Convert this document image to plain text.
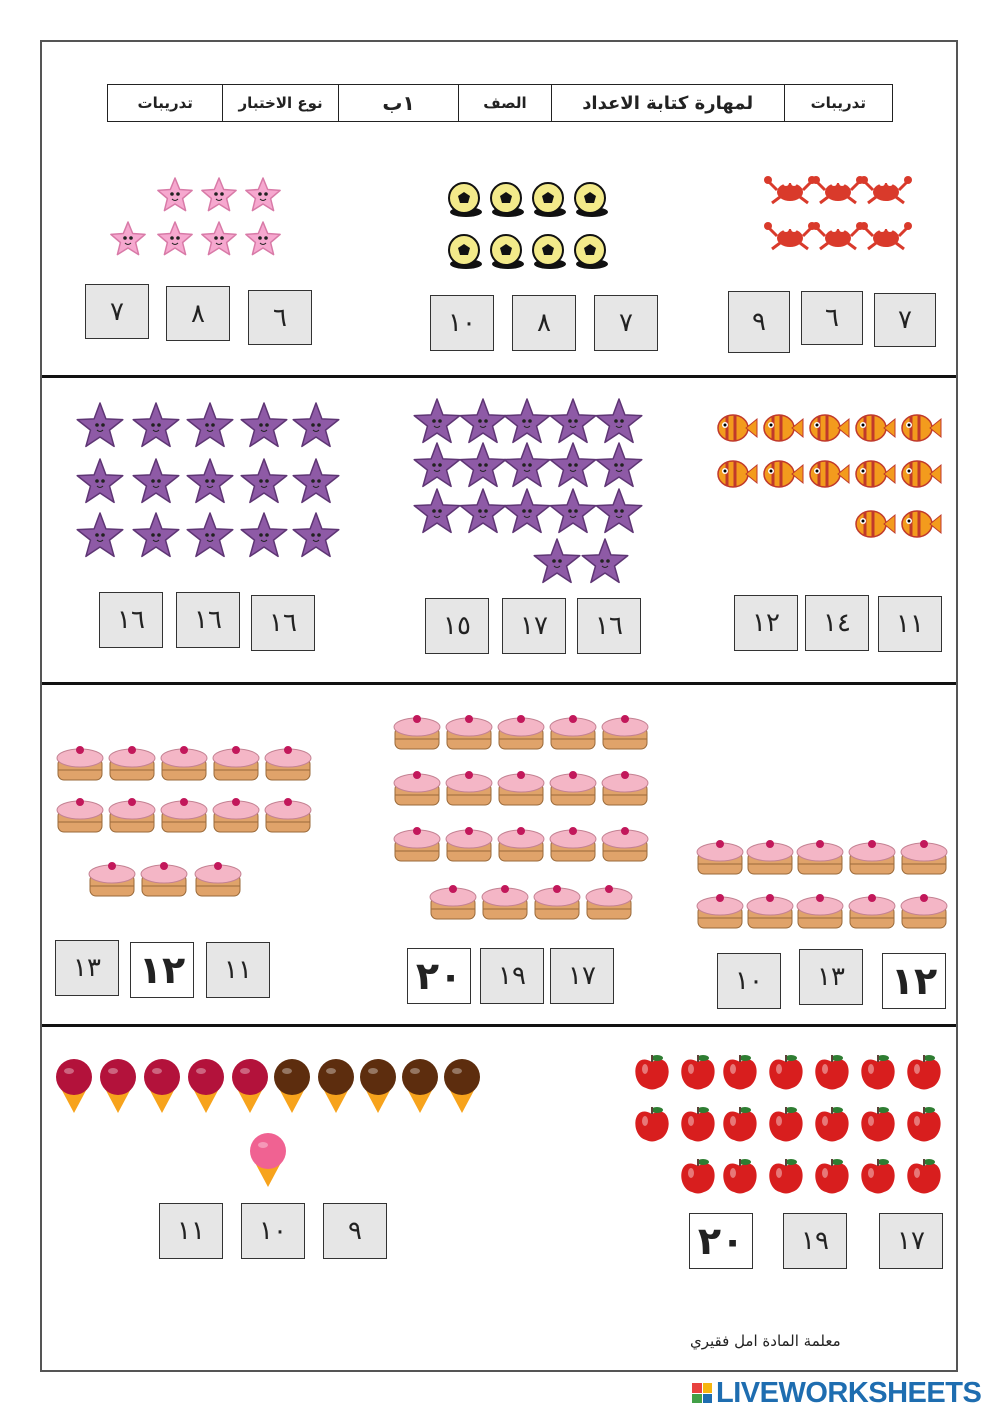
تدريبات	نوع الاختبار	١ب	الصف	لمهارة كتابة الاعداد	تدريبات
٧
٦
٩
٧
٨
١٠
٦
٨
٧
١١
١٤
١٢
١٦
١٧
١٥
١٦
١٦
١٦
١٢
١٣
١٠
١٧
١٩
٢٠
١١
١٢
١٣
١٧
١٩
٢٠
٩
١٠
١١
معلمة المادة امل فقيري
LIVEWORKSHEETS
